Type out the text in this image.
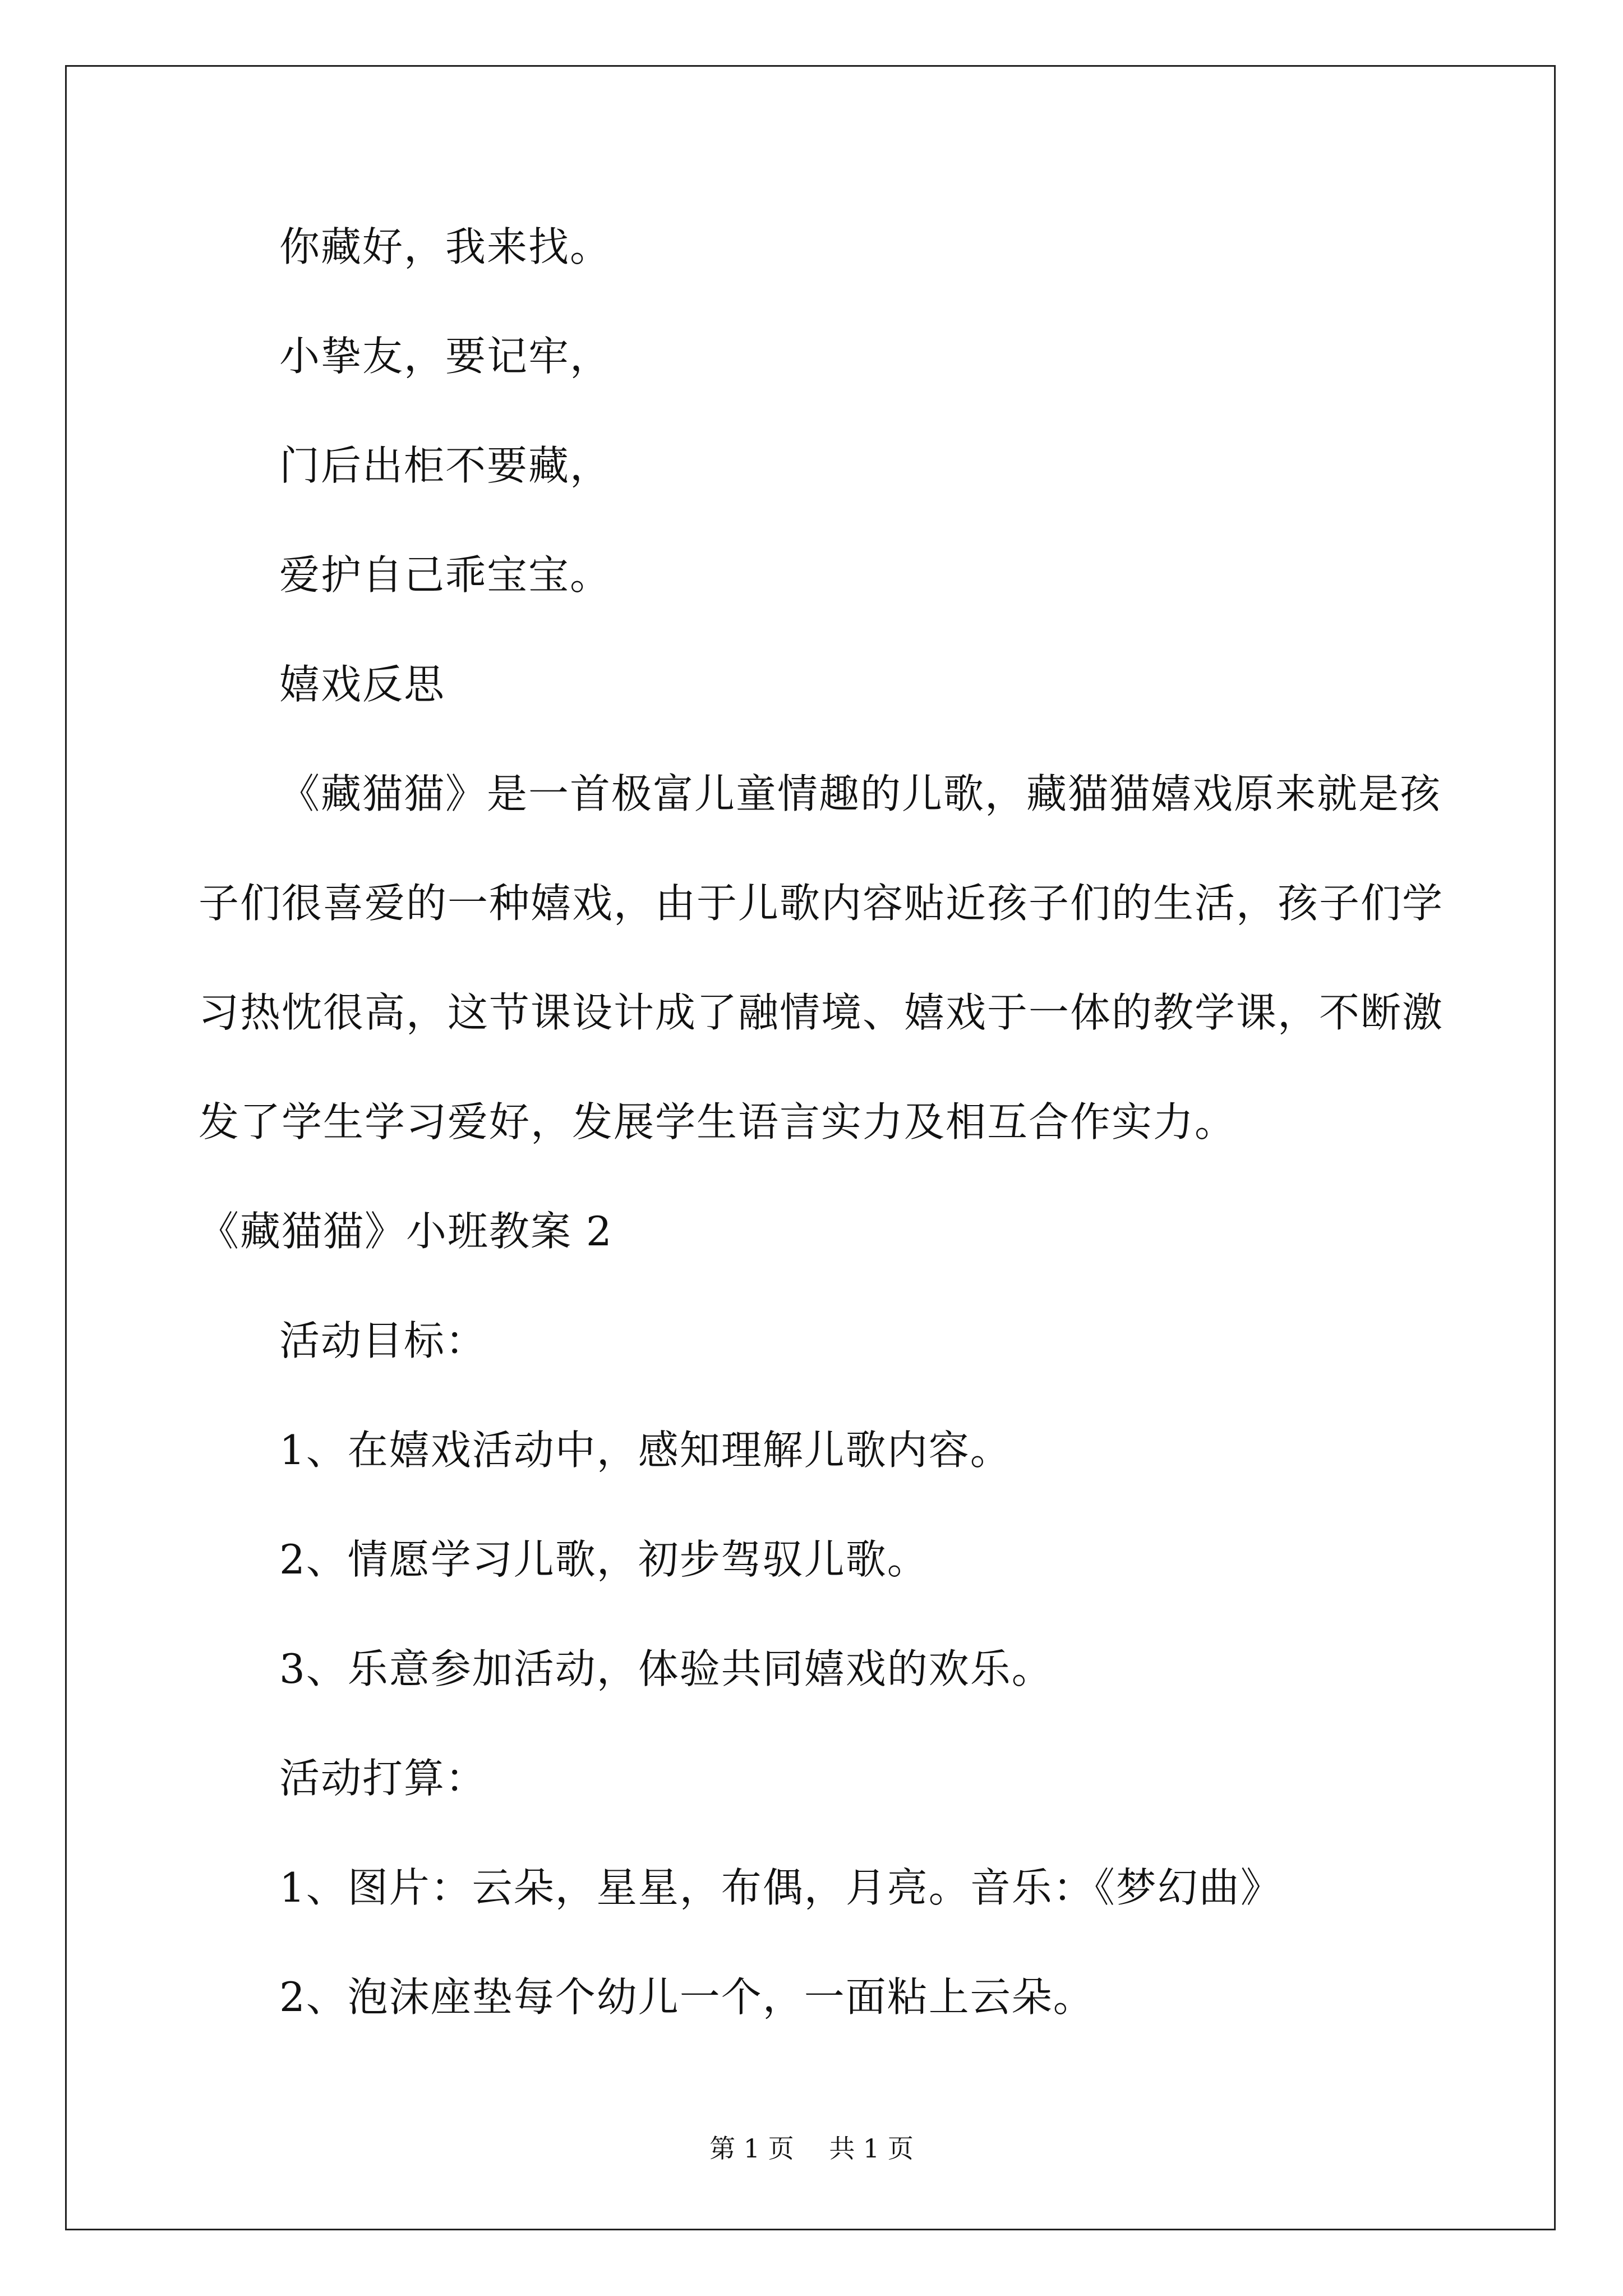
你藏好，我来找。
小挚友，要记牢，
门后出柜不要藏，
爱护自己乖宝宝。
嬉戏反思
《藏猫猫》是一首极富儿童情趣的儿歌，藏猫猫嬉戏原来就是孩
子们很喜爱的一种嬉戏，由于儿歌内容贴近孩子们的生活，孩子们学
习热忱很高，这节课设计成了融情境、嬉戏于一体的教学课，不断激
发了学生学习爱好，发展学生语言实力及相互合作实力。
《藏猫猫》小班教案 2
活动目标：
1、在嬉戏活动中，感知理解儿歌内容。
2、情愿学习儿歌，初步驾驭儿歌。
3、乐意参加活动，体验共同嬉戏的欢乐。
活动打算：
1、图片：云朵，星星，布偶，月亮。音乐：《梦幻曲》
2、泡沫座垫每个幼儿一个，一面粘上云朵。
第 1 页 共 1 页
